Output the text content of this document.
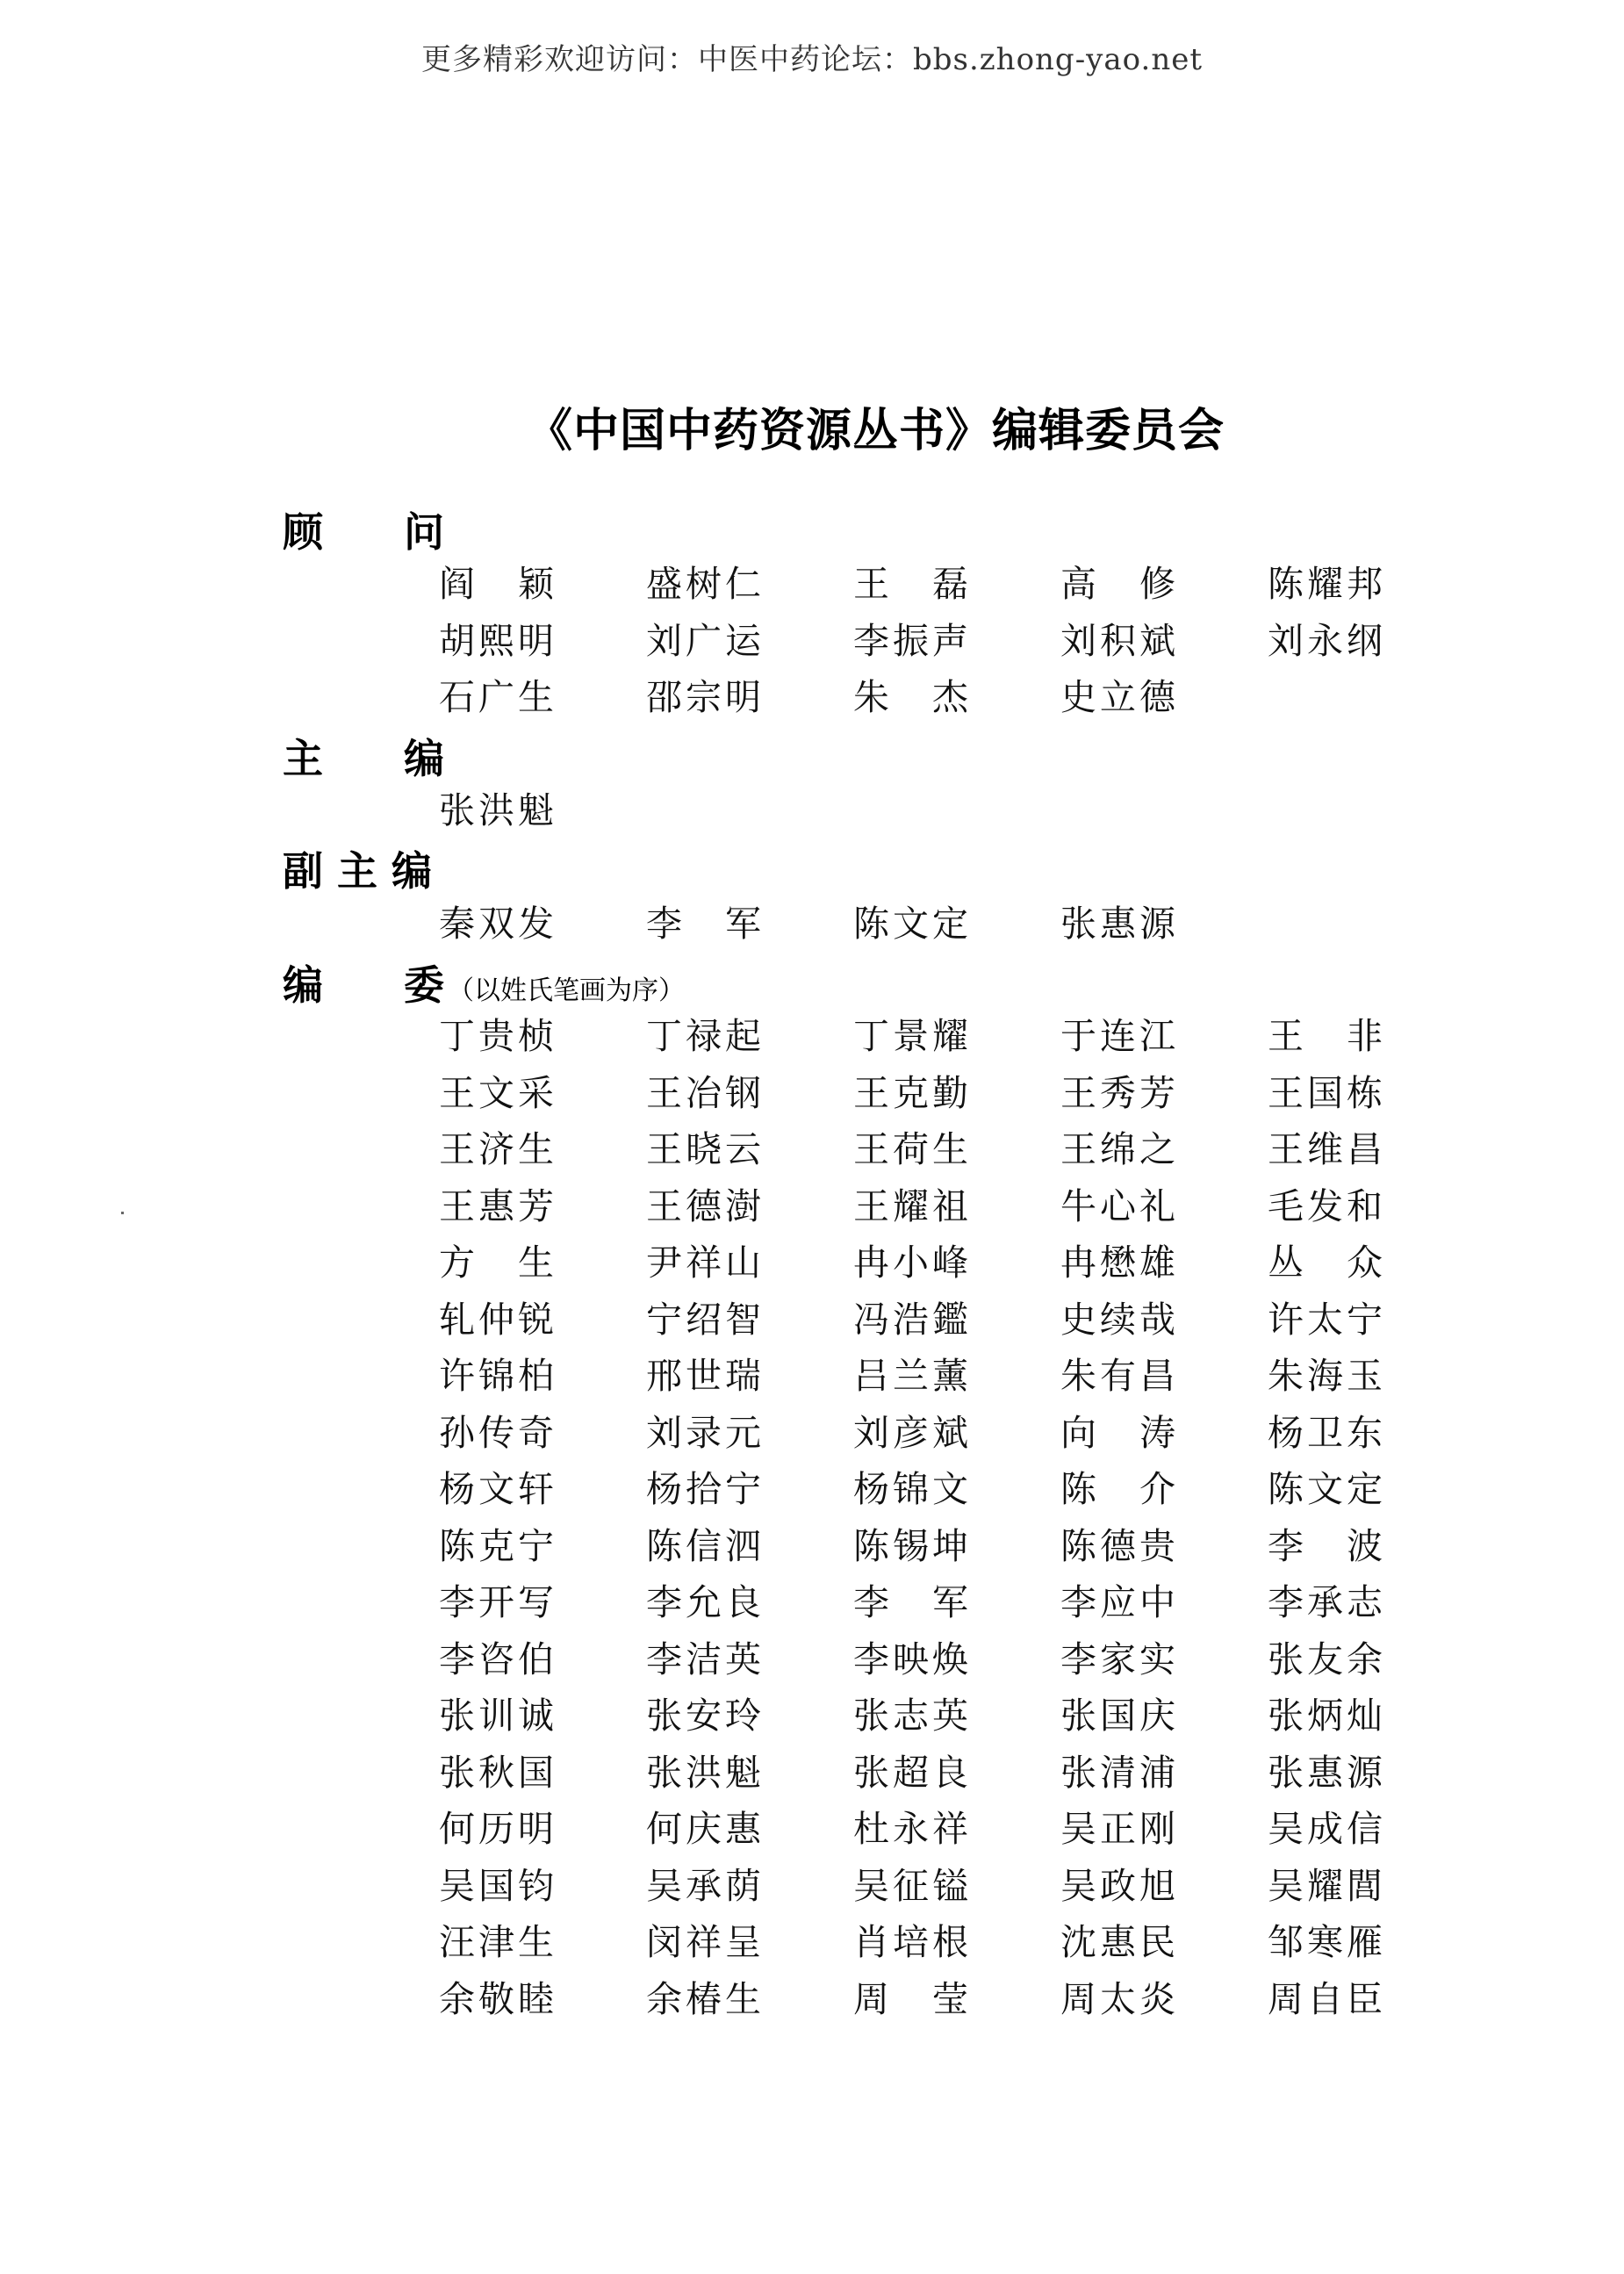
更多精彩欢迎访问：中医中药论坛：bbs.zhong-yao.net
《中国中药资源丛书》编辑委员会
顾　　问
阎　颖	盛树仁	王　磊	高　修	陈耀邦
胡熙明	刘广运	李振声	刘积斌	刘永纲
石广生	邵宗明	朱　杰	史立德
主　　编
张洪魁
副 主 编
秦双发	李　军	陈文定	张惠源
编　　委 （以姓氏笔画为序）
丁贵桢	丁禄起	丁景耀	于连江	王　非
王文采	王冶钢	王克勤	王秀芳	王国栋
王济生	王晓云	王荷生	王绵之	王维昌
王惠芳	王德澍	王耀祖	牛心礼	毛发和
方　生	尹祥山	冉小峰	冉懋雄	丛　众
轧仲锐	宁绍智	冯浩鑑	史续哉	许太宁
许锦柏	邢世瑞	吕兰薰	朱有昌	朱海玉
孙传奇	刘录元	刘彦斌	向　涛	杨卫东
杨文轩	杨拾宁	杨锦文	陈　介	陈文定
陈克宁	陈信泗	陈锡坤	陈德贵	李　波
李开写	李允良	李　军	李应中	李承志
李咨伯	李洁英	李映焕	李家实	张友余
张训诚	张安玲	张志英	张国庆	张炳灿
张秋国	张洪魁	张超良	张清浦	张惠源
何历明	何庆惠	杜永祥	吴正刚	吴成信
吴国钧	吴承荫	吴征镒	吴政旭	吴耀閭
汪津生	闵祥呈	肖培根	沈惠民	邹寒雁
余敬睦	余椿生	周　莹	周太炎	周自臣
